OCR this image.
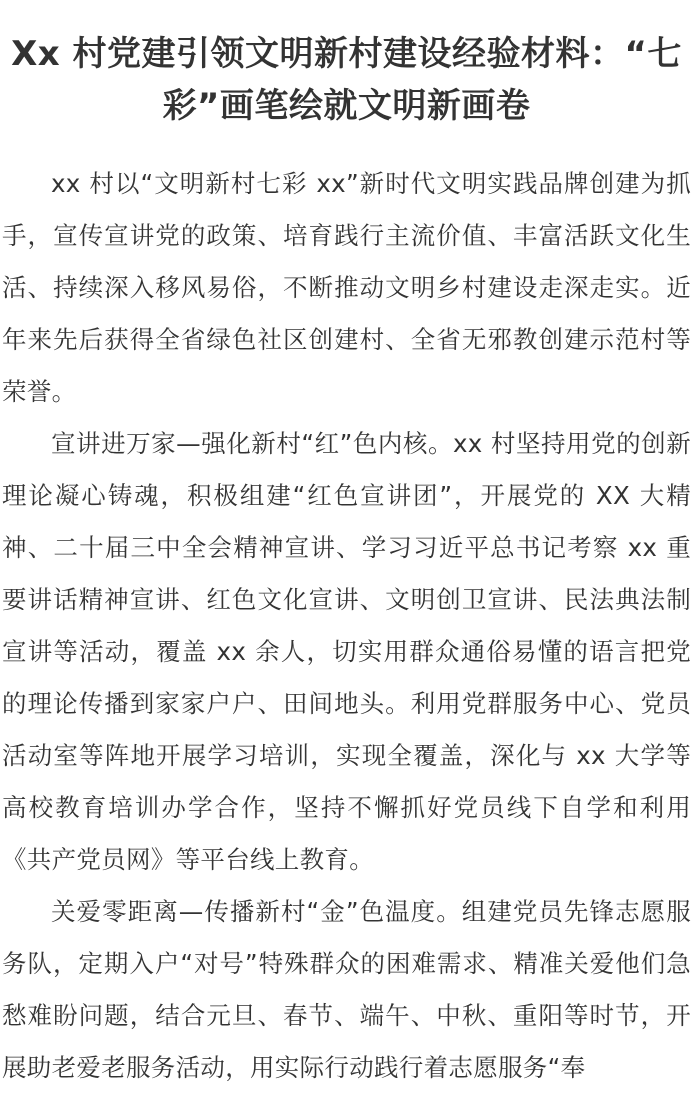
Xx 村党建引领文明新村建设经验材料：“七彩”画笔绘就文明新画卷

xx 村以“文明新村七彩 xx”新时代文明实践品牌创建为抓手，宣传宣讲党的政策、培育践行主流价值、丰富活跃文化生活、持续深入移风易俗，不断推动文明乡村建设走深走实。近年来先后获得全省绿色社区创建村、全省无邪教创建示范村等荣誉。

宣讲进万家—强化新村“红”色内核。xx 村坚持用党的创新理论凝心铸魂，积极组建“红色宣讲团”，开展党的 XX 大精神、二十届三中全会精神宣讲、学习习近平总书记考察 xx 重要讲话精神宣讲、红色文化宣讲、文明创卫宣讲、民法典法制宣讲等活动，覆盖 xx 余人，切实用群众通俗易懂的语言把党的理论传播到家家户户、田间地头。利用党群服务中心、党员活动室等阵地开展学习培训，实现全覆盖，深化与 xx 大学等高校教育培训办学合作，坚持不懈抓好党员线下自学和利用《共产党员网》等平台线上教育。

关爱零距离—传播新村“金”色温度。组建党员先锋志愿服务队，定期入户“对号”特殊群众的困难需求、精准关爱他们急愁难盼问题，结合元旦、春节、端午、中秋、重阳等时节，开展助老爱老服务活动，用实际行动践行着志愿服务“奉
